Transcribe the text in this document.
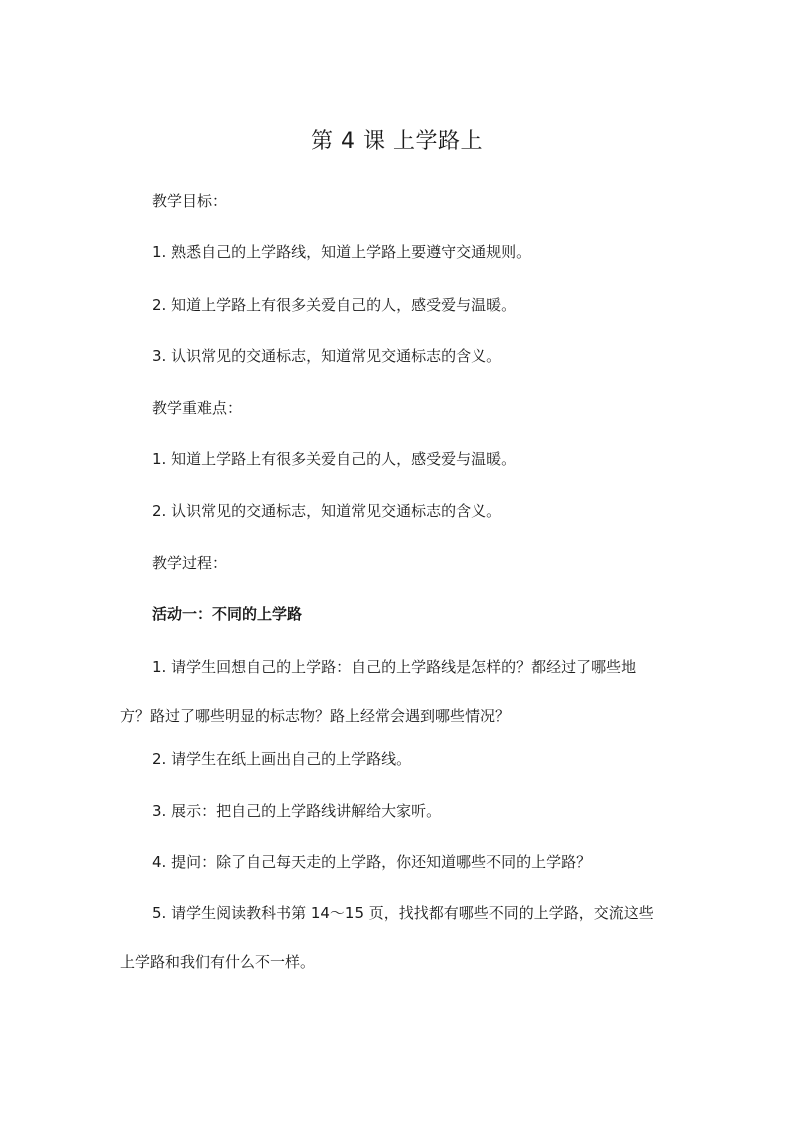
第 4 课 上学路上
教学目标：
1. 熟悉自己的上学路线，知道上学路上要遵守交通规则。
2. 知道上学路上有很多关爱自己的人，感受爱与温暖。
3. 认识常见的交通标志，知道常见交通标志的含义。
教学重难点：
1. 知道上学路上有很多关爱自己的人，感受爱与温暖。
2. 认识常见的交通标志，知道常见交通标志的含义。
教学过程：
活动一：不同的上学路
1. 请学生回想自己的上学路：自己的上学路线是怎样的？都经过了哪些地
方？路过了哪些明显的标志物？路上经常会遇到哪些情况？
2. 请学生在纸上画出自己的上学路线。
3. 展示：把自己的上学路线讲解给大家听。
4. 提问：除了自己每天走的上学路，你还知道哪些不同的上学路？
5. 请学生阅读教科书第 14～15 页，找找都有哪些不同的上学路，交流这些
上学路和我们有什么不一样。
